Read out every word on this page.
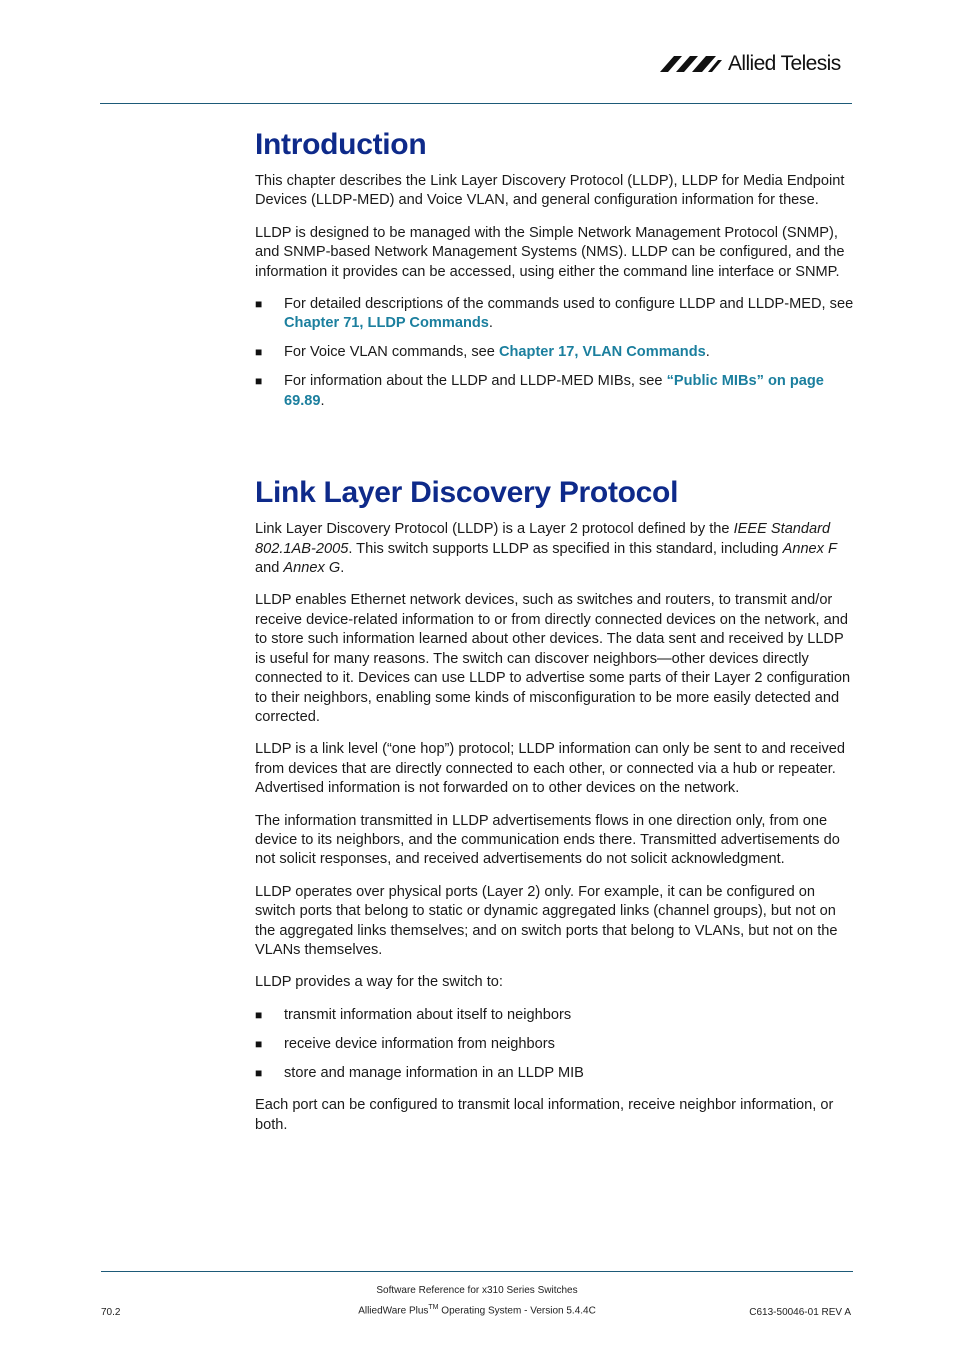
Allied Telesis
Introduction

This chapter describes the Link Layer Discovery Protocol (LLDP), LLDP for Media Endpoint Devices (LLDP-MED) and Voice VLAN, and general configuration information for these.

LLDP is designed to be managed with the Simple Network Management Protocol (SNMP), and SNMP-based Network Management Systems (NMS). LLDP can be configured, and the information it provides can be accessed, using either the command line interface or SNMP.

■ For detailed descriptions of the commands used to configure LLDP and LLDP-MED, see Chapter 71, LLDP Commands.
■ For Voice VLAN commands, see Chapter 17, VLAN Commands.
■ For information about the LLDP and LLDP-MED MIBs, see “Public MIBs” on page 69.89.
Link Layer Discovery Protocol

Link Layer Discovery Protocol (LLDP) is a Layer 2 protocol defined by the IEEE Standard 802.1AB-2005. This switch supports LLDP as specified in this standard, including Annex F and Annex G.

LLDP enables Ethernet network devices, such as switches and routers, to transmit and/or receive device-related information to or from directly connected devices on the network, and to store such information learned about other devices. The data sent and received by LLDP is useful for many reasons. The switch can discover neighbors—other devices directly connected to it. Devices can use LLDP to advertise some parts of their Layer 2 configuration to their neighbors, enabling some kinds of misconfiguration to be more easily detected and corrected.

LLDP is a link level (“one hop”) protocol; LLDP information can only be sent to and received from devices that are directly connected to each other, or connected via a hub or repeater. Advertised information is not forwarded on to other devices on the network.

The information transmitted in LLDP advertisements flows in one direction only, from one device to its neighbors, and the communication ends there. Transmitted advertisements do not solicit responses, and received advertisements do not solicit acknowledgment.

LLDP operates over physical ports (Layer 2) only. For example, it can be configured on switch ports that belong to static or dynamic aggregated links (channel groups), but not on the aggregated links themselves; and on switch ports that belong to VLANs, but not on the VLANs themselves.

LLDP provides a way for the switch to:

■ transmit information about itself to neighbors
■ receive device information from neighbors
■ store and manage information in an LLDP MIB

Each port can be configured to transmit local information, receive neighbor information, or both.

Software Reference for x310 Series Switches
70.2	AlliedWare Plus™ Operating System - Version 5.4.4C	C613-50046-01 REV A
